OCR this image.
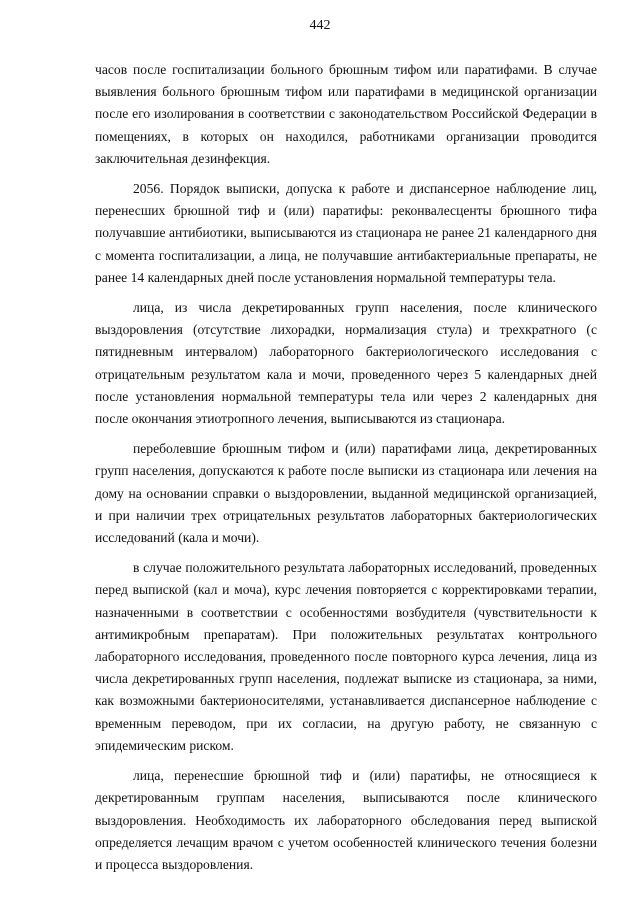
442

часов после госпитализации больного брюшным тифом или паратифами. В случае выявления больного брюшным тифом или паратифами в медицинской организации после его изолирования в соответствии с законодательством Российской Федерации в помещениях, в которых он находился, работниками организации проводится заключительная дезинфекция.

2056. Порядок выписки, допуска к работе и диспансерное наблюдение лиц, перенесших брюшной тиф и (или) паратифы: реконвалесценты брюшного тифа получавшие антибиотики, выписываются из стационара не ранее 21 календарного дня с момента госпитализации, а лица, не получавшие антибактериальные препараты, не ранее 14 календарных дней после установления нормальной температуры тела.

лица, из числа декретированных групп населения, после клинического выздоровления (отсутствие лихорадки, нормализация стула) и трехкратного (с пятидневным интервалом) лабораторного бактериологического исследования с отрицательным результатом кала и мочи, проведенного через 5 календарных дней после установления нормальной температуры тела или через 2 календарных дня после окончания этиотропного лечения, выписываются из стационара.

переболевшие брюшным тифом и (или) паратифами лица, декретированных групп населения, допускаются к работе после выписки из стационара или лечения на дому на основании справки о выздоровлении, выданной медицинской организацией, и при наличии трех отрицательных результатов лабораторных бактериологических исследований (кала и мочи).

в случае положительного результата лабораторных исследований, проведенных перед выпиской (кал и моча), курс лечения повторяется с корректировками терапии, назначенными в соответствии с особенностями возбудителя (чувствительности к антимикробным препаратам). При положительных результатах контрольного лабораторного исследования, проведенного после повторного курса лечения, лица из числа декретированных групп населения, подлежат выписке из стационара, за ними, как возможными бактерионосителями, устанавливается диспансерное наблюдение с временным переводом, при их согласии, на другую работу, не связанную с эпидемическим риском.

лица, перенесшие брюшной тиф и (или) паратифы, не относящиеся к декретированным группам населения, выписываются после клинического выздоровления. Необходимость их лабораторного обследования перед выпиской определяется лечащим врачом с учетом особенностей клинического течения болезни и процесса выздоровления.
